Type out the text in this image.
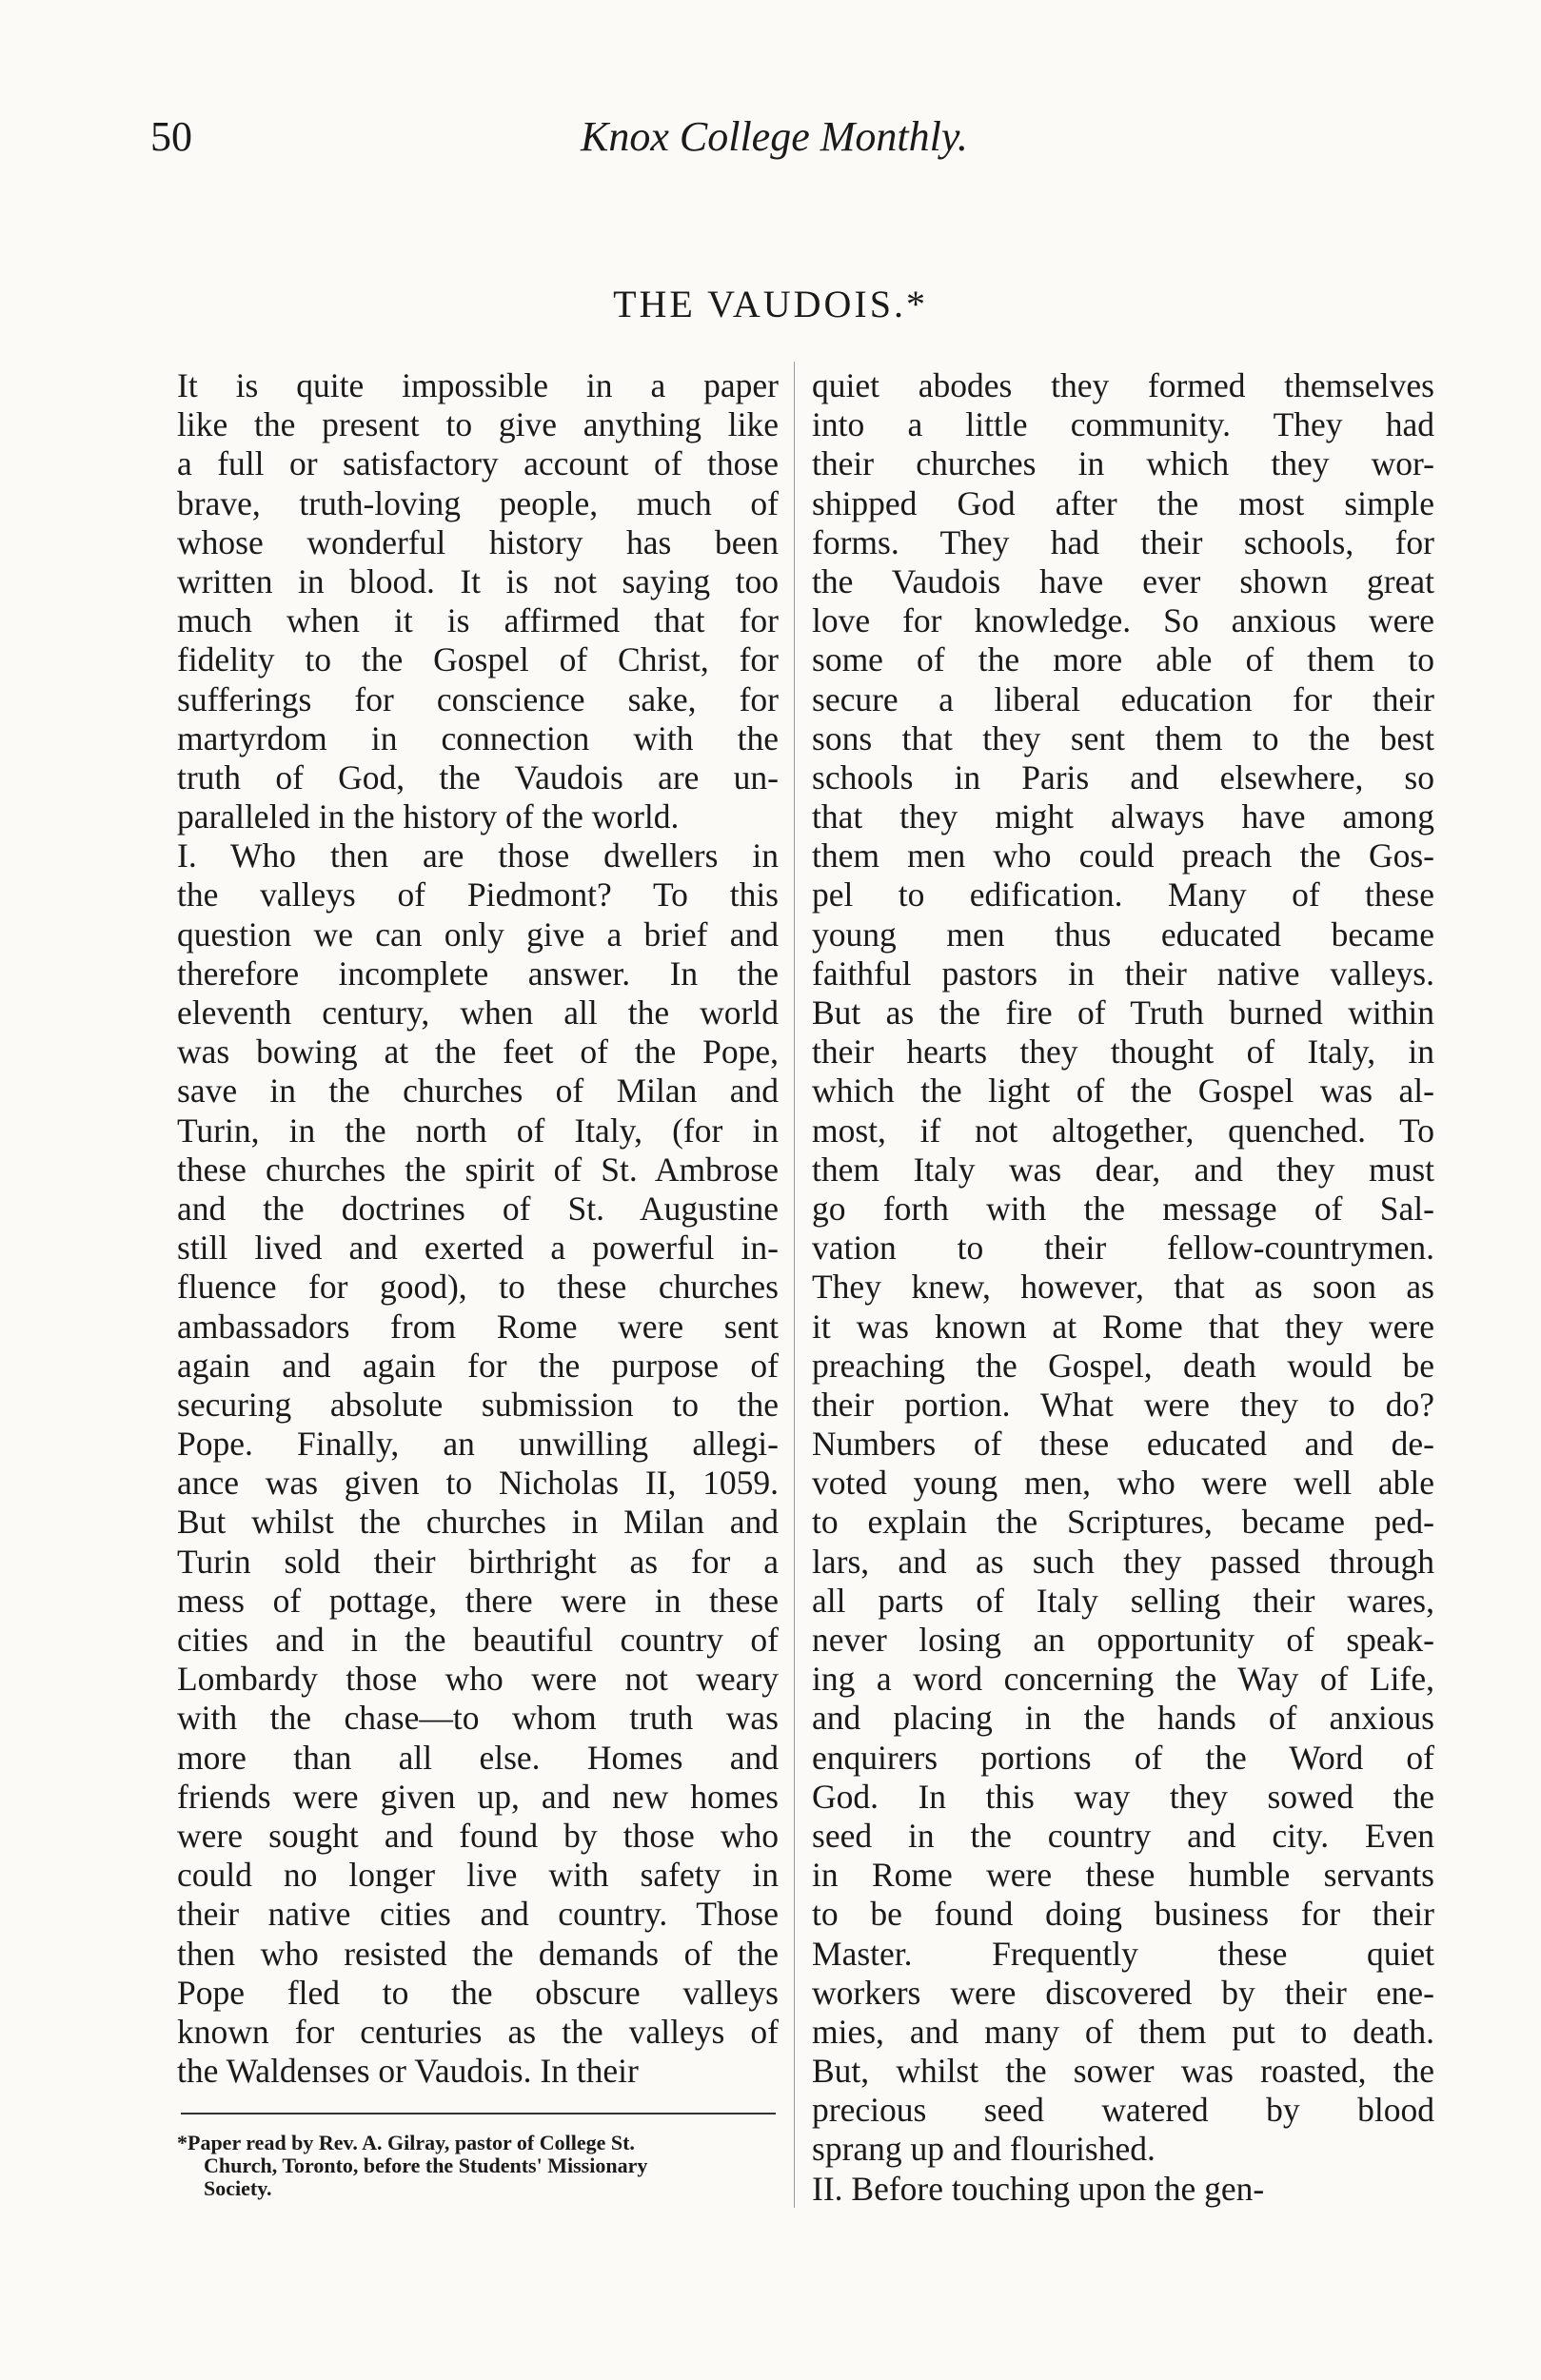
50	Knox College Monthly.
THE VAUDOIS.*
It is quite impossible in a paper
like the present to give anything like
a full or satisfactory account of those
brave, truth-loving people, much of
whose wonderful history has been
written in blood. It is not saying too
much when it is affirmed that for
fidelity to the Gospel of Christ, for
sufferings for conscience sake, for
martyrdom in connection with the
truth of God, the Vaudois are un-
paralleled in the history of the world.
I. Who then are those dwellers in
the valleys of Piedmont? To this
question we can only give a brief and
therefore incomplete answer. In the
eleventh century, when all the world
was bowing at the feet of the Pope,
save in the churches of Milan and
Turin, in the north of Italy, (for in
these churches the spirit of St. Ambrose
and the doctrines of St. Augustine
still lived and exerted a powerful in-
fluence for good), to these churches
ambassadors from Rome were sent
again and again for the purpose of
securing absolute submission to the
Pope. Finally, an unwilling allegi-
ance was given to Nicholas II, 1059.
But whilst the churches in Milan and
Turin sold their birthright as for a
mess of pottage, there were in these
cities and in the beautiful country of
Lombardy those who were not weary
with the chase—to whom truth was
more than all else. Homes and
friends were given up, and new homes
were sought and found by those who
could no longer live with safety in
their native cities and country. Those
then who resisted the demands of the
Pope fled to the obscure valleys
known for centuries as the valleys of
the Waldenses or Vaudois. In their
quiet abodes they formed themselves
into a little community. They had
their churches in which they wor-
shipped God after the most simple
forms. They had their schools, for
the Vaudois have ever shown great
love for knowledge. So anxious were
some of the more able of them to
secure a liberal education for their
sons that they sent them to the best
schools in Paris and elsewhere, so
that they might always have among
them men who could preach the Gos-
pel to edification. Many of these
young men thus educated became
faithful pastors in their native valleys.
But as the fire of Truth burned within
their hearts they thought of Italy, in
which the light of the Gospel was al-
most, if not altogether, quenched. To
them Italy was dear, and they must
go forth with the message of Sal-
vation to their fellow-countrymen.
They knew, however, that as soon as
it was known at Rome that they were
preaching the Gospel, death would be
their portion. What were they to do?
Numbers of these educated and de-
voted young men, who were well able
to explain the Scriptures, became ped-
lars, and as such they passed through
all parts of Italy selling their wares,
never losing an opportunity of speak-
ing a word concerning the Way of Life,
and placing in the hands of anxious
enquirers portions of the Word of
God. In this way they sowed the
seed in the country and city. Even
in Rome were these humble servants
to be found doing business for their
Master. Frequently these quiet
workers were discovered by their ene-
mies, and many of them put to death.
But, whilst the sower was roasted, the
precious seed watered by blood
sprang up and flourished.
II. Before touching upon the gen-
*Paper read by Rev. A. Gilray, pastor of College St.
Church, Toronto, before the Students' Missionary
Society.
